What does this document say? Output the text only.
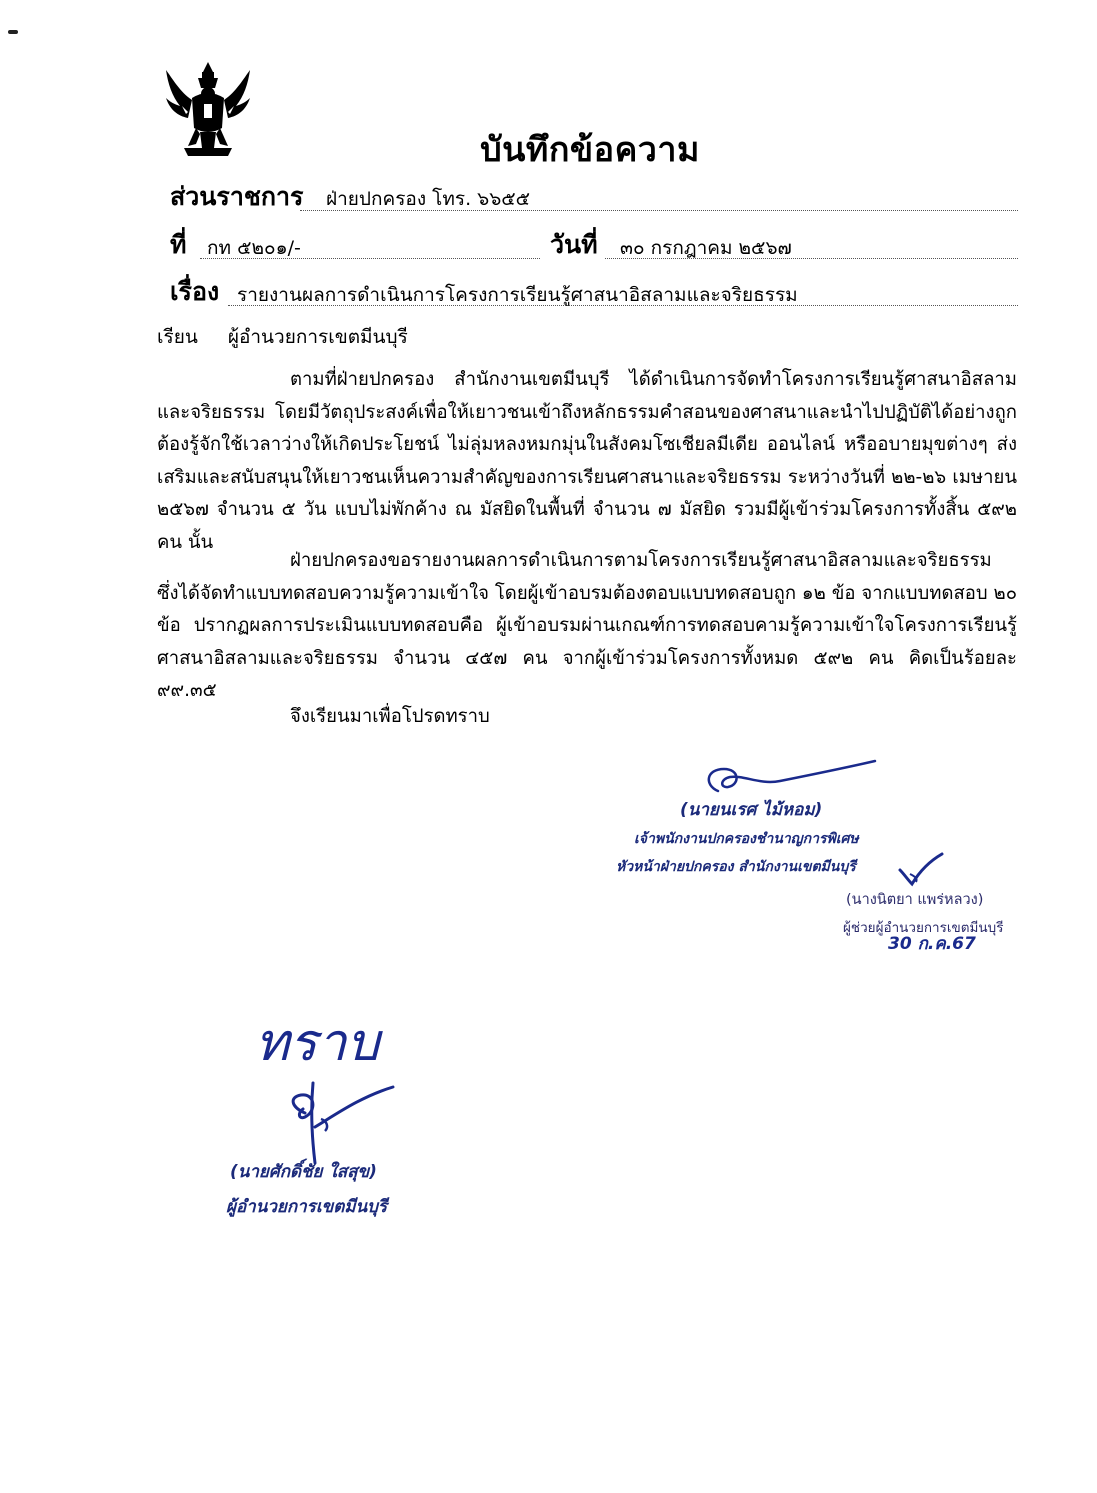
บันทึกข้อความ
ส่วนราชการ ฝ่ายปกครอง โทร. ๖๖๕๕
ที่ กท ๕๒๐๑/-	วันที่ ๓๐ กรกฎาคม ๒๕๖๗
เรื่อง รายงานผลการดำเนินการโครงการเรียนรู้ศาสนาอิสลามและจริยธรรม
เรียน ผู้อำนวยการเขตมีนบุรี
ตามที่ฝ่ายปกครอง สำนักงานเขตมีนบุรี ได้ดำเนินการจัดทำโครงการเรียนรู้ศาสนาอิสลามและจริยธรรม โดยมีวัตถุประสงค์เพื่อให้เยาวชนเข้าถึงหลักธรรมคำสอนของศาสนาและนำไปปฏิบัติได้อย่างถูกต้องรู้จักใช้เวลาว่างให้เกิดประโยชน์ ไม่ลุ่มหลงหมกมุ่นในสังคมโซเชียลมีเดีย ออนไลน์ หรืออบายมุขต่างๆ ส่งเสริมและสนับสนุนให้เยาวชนเห็นความสำคัญของการเรียนศาสนาและจริยธรรม ระหว่างวันที่ ๒๒-๒๖ เมษายน ๒๕๖๗ จำนวน ๕ วัน แบบไม่พักค้าง ณ มัสยิดในพื้นที่ จำนวน ๗ มัสยิด รวมมีผู้เข้าร่วมโครงการทั้งสิ้น ๕๙๒ คน นั้น
ฝ่ายปกครองขอรายงานผลการดำเนินการตามโครงการเรียนรู้ศาสนาอิสลามและจริยธรรม ซึ่งได้จัดทำแบบทดสอบความรู้ความเข้าใจ โดยผู้เข้าอบรมต้องตอบแบบทดสอบถูก ๑๒ ข้อ จากแบบทดสอบ ๒๐ ข้อ ปรากฏผลการประเมินแบบทดสอบคือ ผู้เข้าอบรมผ่านเกณฑ์การทดสอบคามรู้ความเข้าใจโครงการเรียนรู้ศาสนาอิสลามและจริยธรรม จำนวน ๔๕๗ คน จากผู้เข้าร่วมโครงการทั้งหมด ๕๙๒ คน คิดเป็นร้อยละ ๙๙.๓๕
จึงเรียนมาเพื่อโปรดทราบ
(นายนเรศ ไม้หอม)
เจ้าพนักงานปกครองชำนาญการพิเศษ
หัวหน้าฝ่ายปกครอง สำนักงานเขตมีนบุรี
(นางนิตยา แพร่หลวง)
ผู้ช่วยผู้อำนวยการเขตมีนบุรี
30 ก.ค.67
ทราบ
(นายศักดิ์ชัย ใสสุข)
ผู้อำนวยการเขตมีนบุรี
